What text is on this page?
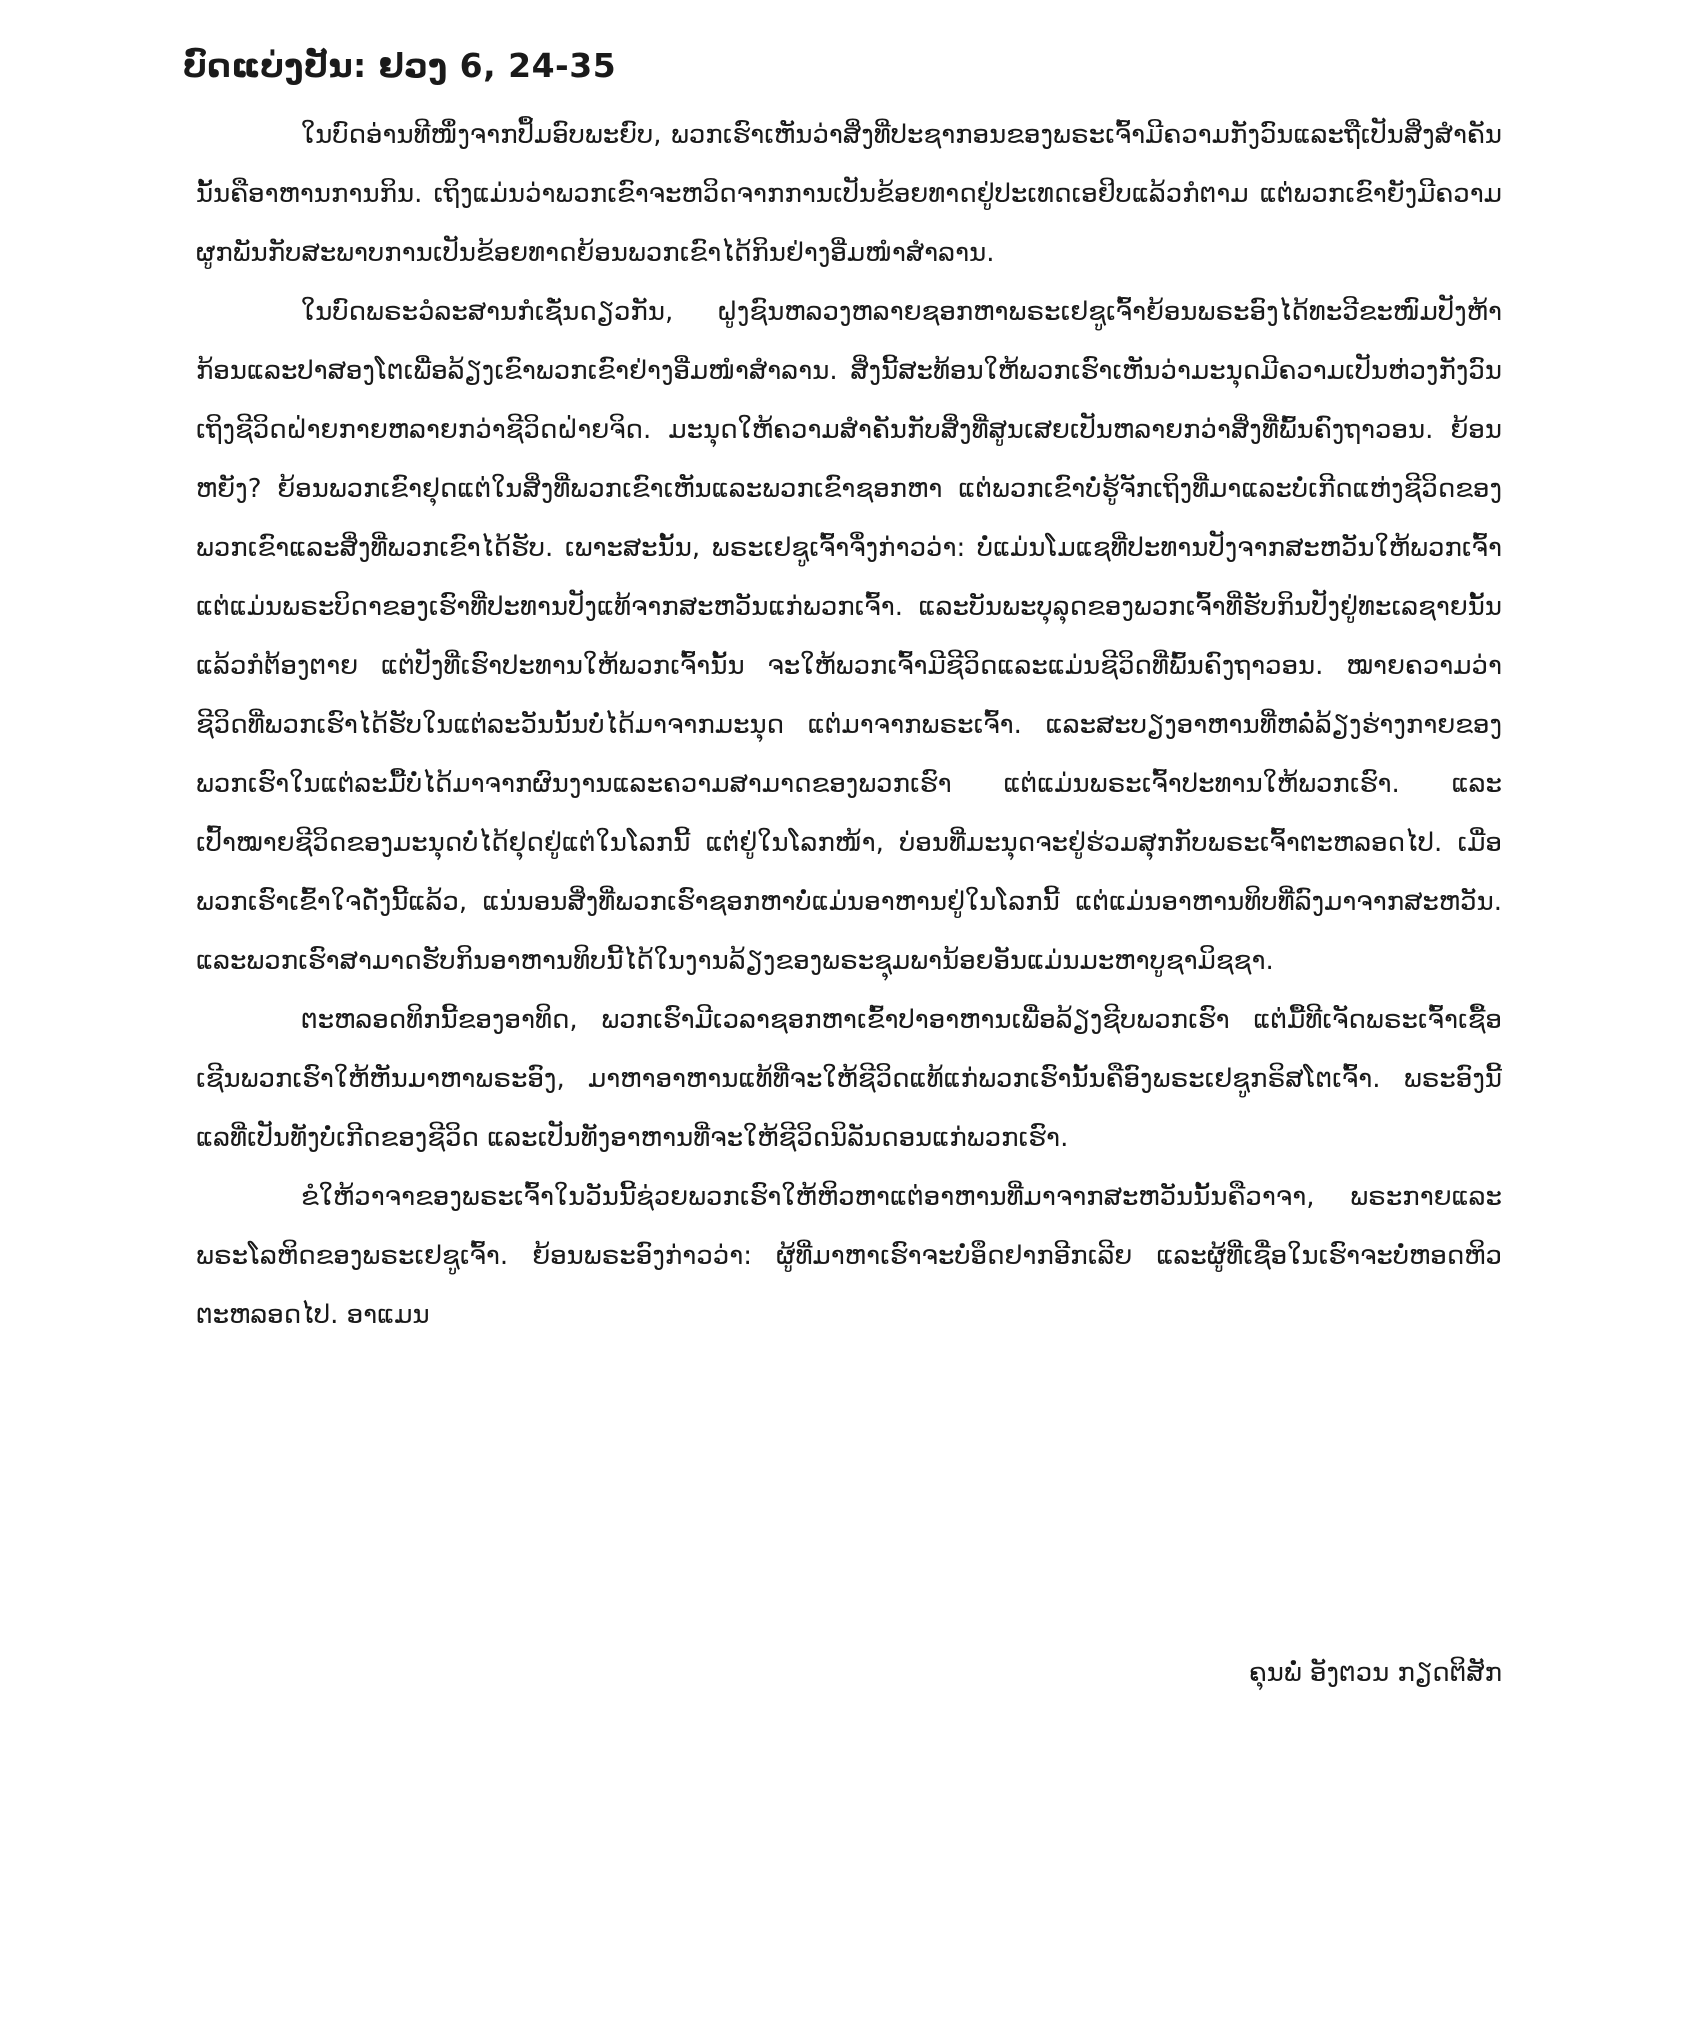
ບົດແບ່ງປັນ: ຢວງ 6, 24-35

ໃນບົດອ່ານທີໜຶ່ງຈາກປຶ້ມອົບພະຍົບ, ພວກເຮົາເຫັນວ່າສິ່ງທີ່ປະຊາກອນຂອງພຣະເຈົ້າມີຄວາມກັງວົນແລະຖືເປັນສິ່ງສໍາຄັນນັ້ນຄືອາຫານການກິນ. ເຖິງແມ່ນວ່າພວກເຂົາຈະຫວິດຈາກການເປັນຂ້ອຍທາດຢູ່ປະເທດເອຢິບແລ້ວກໍຕາມ ແຕ່ພວກເຂົາຍັງມີຄວາມຜູກພັນກັບສະພາບການເປັນຂ້ອຍທາດຍ້ອນພວກເຂົາໄດ້ກິນຢ່າງອີ່ມໜໍາສໍາລານ.

ໃນບົດພຣະວໍລະສານກໍເຊັ່ນດຽວກັນ, ຝູງຊົນຫລວງຫລາຍຊອກຫາພຣະເຢຊູເຈົ້າຍ້ອນພຣະອົງໄດ້ທະວີຂະໜົມປັງຫ້າກ້ອນແລະປາສອງໂຕເພື່ອລ້ຽງເຂົາພວກເຂົາຢ່າງອີ່ມໜໍາສໍາລານ. ສິ່ງນີ້ສະທ້ອນໃຫ້ພວກເຮົາເຫັນວ່າມະນຸດມີຄວາມເປັນຫ່ວງກັງວົນເຖິງຊີວິດຝ່າຍກາຍຫລາຍກວ່າຊີວິດຝ່າຍຈິດ. ມະນຸດໃຫ້ຄວາມສໍາຄັນກັບສິ່ງທີ່ສູນເສຍເປັນຫລາຍກວ່າສິ່ງທີ່ພົ້ນຄົງຖາວອນ. ຍ້ອນຫຍັງ? ຍ້ອນພວກເຂົາຢຸດແຕ່ໃນສິ່ງທີ່ພວກເຂົາເຫັນແລະພວກເຂົາຊອກຫາ ແຕ່ພວກເຂົາບໍ່ຮູ້ຈັກເຖິງທີ່ມາແລະບໍ່ເກີດແຫ່ງຊີວິດຂອງພວກເຂົາແລະສິ່ງທີ່ພວກເຂົາໄດ້ຮັບ. ເພາະສະນັ້ນ, ພຣະເຢຊູເຈົ້າຈຶ່ງກ່າວວ່າ: ບໍ່ແມ່ນໂມແຊທີ່ປະທານປັງຈາກສະຫວັນໃຫ້ພວກເຈົ້າ ແຕ່ແມ່ນພຣະບິດາຂອງເຮົາທີ່ປະທານປັງແທ້ຈາກສະຫວັນແກ່ພວກເຈົ້າ. ແລະບັນພະບຸລຸດຂອງພວກເຈົ້າທີ່ຮັບກິນປັງຢູ່ທະເລຊາຍນັ້ນແລ້ວກໍຕ້ອງຕາຍ ແຕ່ປັງທີ່ເຮົາປະທານໃຫ້ພວກເຈົ້ານັ້ນ ຈະໃຫ້ພວກເຈົ້າມີຊີວິດແລະແມ່ນຊີວິດທີ່ພົ້ນຄົງຖາວອນ. ໝາຍຄວາມວ່າຊີວິດທີ່ພວກເຮົາໄດ້ຮັບໃນແຕ່ລະວັນນັ້ນບໍ່ໄດ້ມາຈາກມະນຸດ ແຕ່ມາຈາກພຣະເຈົ້າ. ແລະສະບຽງອາຫານທີ່ຫລໍ່ລ້ຽງຮ່າງກາຍຂອງພວກເຮົາໃນແຕ່ລະມື້ບໍ່ໄດ້ມາຈາກຜົນງານແລະຄວາມສາມາດຂອງພວກເຮົາ ແຕ່ແມ່ນພຣະເຈົ້າປະທານໃຫ້ພວກເຮົາ. ແລະເປົ້າໝາຍຊີວິດຂອງມະນຸດບໍ່ໄດ້ຢຸດຢູ່ແຕ່ໃນໂລກນີ້ ແຕ່ຢູ່ໃນໂລກໜ້າ, ບ່ອນທີ່ມະນຸດຈະຢູ່ຮ່ວມສຸກກັບພຣະເຈົ້າຕະຫລອດໄປ. ເມື່ອພວກເຮົາເຂົ້າໃຈດັ່ງນີ້ແລ້ວ, ແນ່ນອນສິ່ງທີ່ພວກເຮົາຊອກຫາບໍ່ແມ່ນອາຫານຢູ່ໃນໂລກນີ້ ແຕ່ແມ່ນອາຫານທິບທີ່ລົງມາຈາກສະຫວັນ. ແລະພວກເຮົາສາມາດຮັບກິນອາຫານທິບນີ້ໄດ້ໃນງານລ້ຽງຂອງພຣະຊຸມພານ້ອຍອັນແມ່ນມະຫາບູຊາມິຊຊາ.

ຕະຫລອດທິກນີ້ຂອງອາທິດ, ພວກເຮົາມີເວລາຊອກຫາເຂົ້າປາອາຫານເພື່ອລ້ຽງຊີບພວກເຮົາ ແຕ່ມື້ທີເຈັດພຣະເຈົ້າເຊື້ອເຊີນພວກເຮົາໃຫ້ຫັນມາຫາພຣະອົງ, ມາຫາອາຫານແທ້ທີ່ຈະໃຫ້ຊີວິດແທ້ແກ່ພວກເຮົານັ້ນຄືອົງພຣະເຢຊູກຣິສໂຕເຈົ້າ. ພຣະອົງນີ້ແລທີ່ເປັນທັງບໍ່ເກີດຂອງຊີວິດ ແລະເປັນທັງອາຫານທີ່ຈະໃຫ້ຊີວິດນິລັນດອນແກ່ພວກເຮົາ.

ຂໍໃຫ້ວາຈາຂອງພຣະເຈົ້າໃນວັນນີ້ຊ່ວຍພວກເຮົາໃຫ້ຫິວຫາແຕ່ອາຫານທີ່ມາຈາກສະຫວັນນັ້ນຄືວາຈາ, ພຣະກາຍແລະພຣະໂລຫິດຂອງພຣະເຢຊູເຈົ້າ. ຍ້ອນພຣະອົງກ່າວວ່າ: ຜູ້ທີ່ມາຫາເຮົາຈະບໍ່ອຶດຢາກອີກເລີຍ ແລະຜູ້ທີ່ເຊື່ອໃນເຮົາຈະບໍ່ຫອດຫິວຕະຫລອດໄປ. ອາແມນ

ຄຸນພໍ່ ອັງຕວນ ກຽດຕິສັກ
